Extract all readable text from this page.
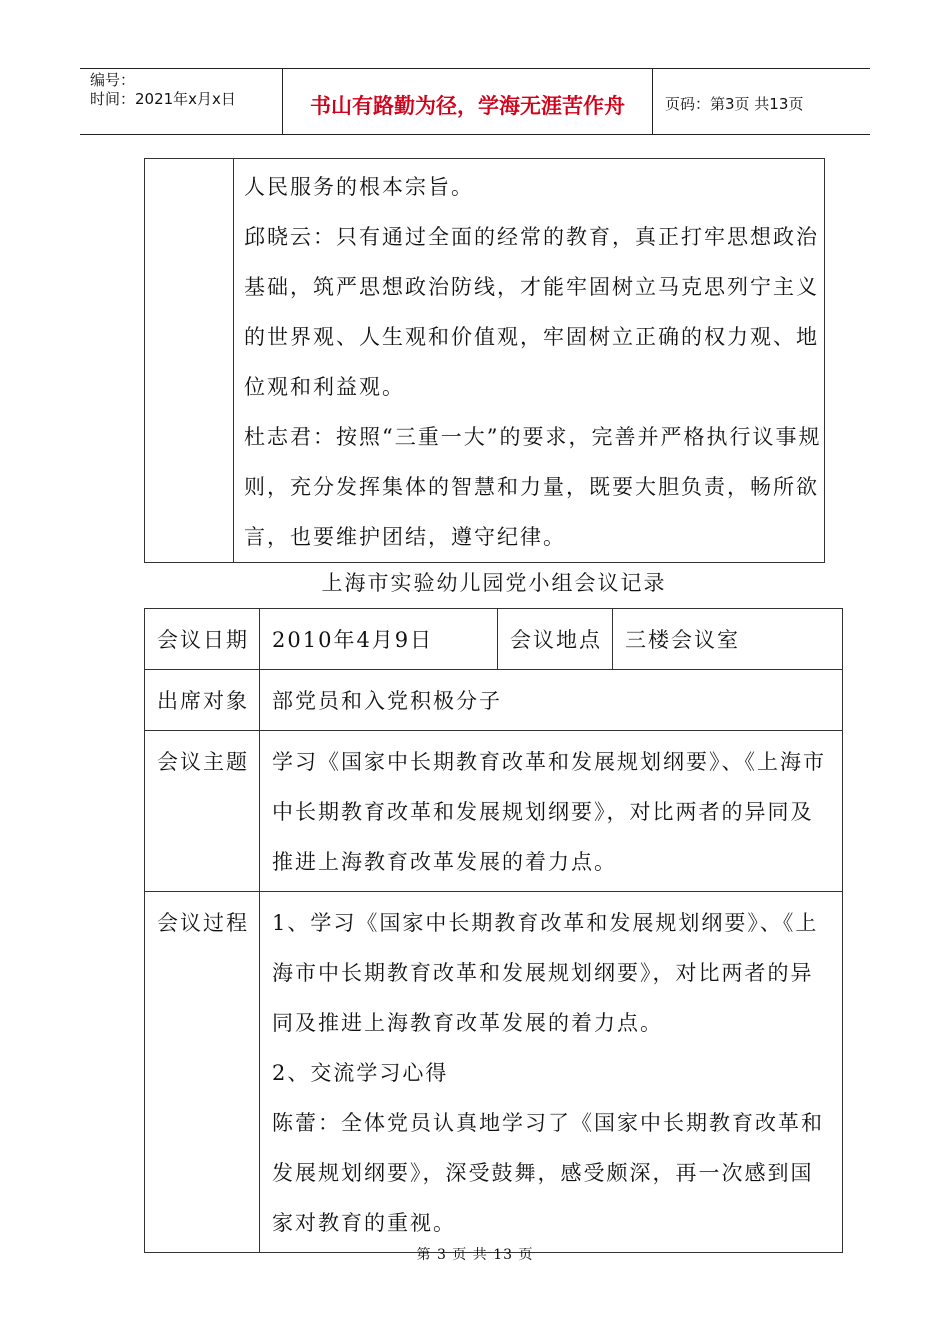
编号：
时间：2021年x月x日	书山有路勤为径，学海无涯苦作舟	页码：第3页 共13页

人民服务的根本宗旨。

邱晓云：只有通过全面的经常的教育，真正打牢思想政治基础，筑严思想政治防线，才能牢固树立马克思列宁主义的世界观、人生观和价值观，牢固树立正确的权力观、地位观和利益观。

杜志君：按照“三重一大”的要求，完善并严格执行议事规则，充分发挥集体的智慧和力量，既要大胆负责，畅所欲言，也要维护团结，遵守纪律。

上海市实验幼儿园党小组会议记录
会议日期	2010年4月9日	会议地点	三楼会议室
出席对象	部党员和入党积极分子		
会议主题	学习《国家中长期教育改革和发展规划纲要》、《上海市中长期教育改革和发展规划纲要》，对比两者的异同及推进上海教育改革发展的着力点。		
会议过程	1、学习《国家中长期教育改革和发展规划纲要》、《上海市中长期教育改革和发展规划纲要》，对比两者的异同及推进上海教育改革发展的着力点。

2、交流学习心得

陈蕾：全体党员认真地学习了《国家中长期教育改革和发展规划纲要》，深受鼓舞，感受颇深，再一次感到国家对教育的重视。		

第 3 页 共 13 页
